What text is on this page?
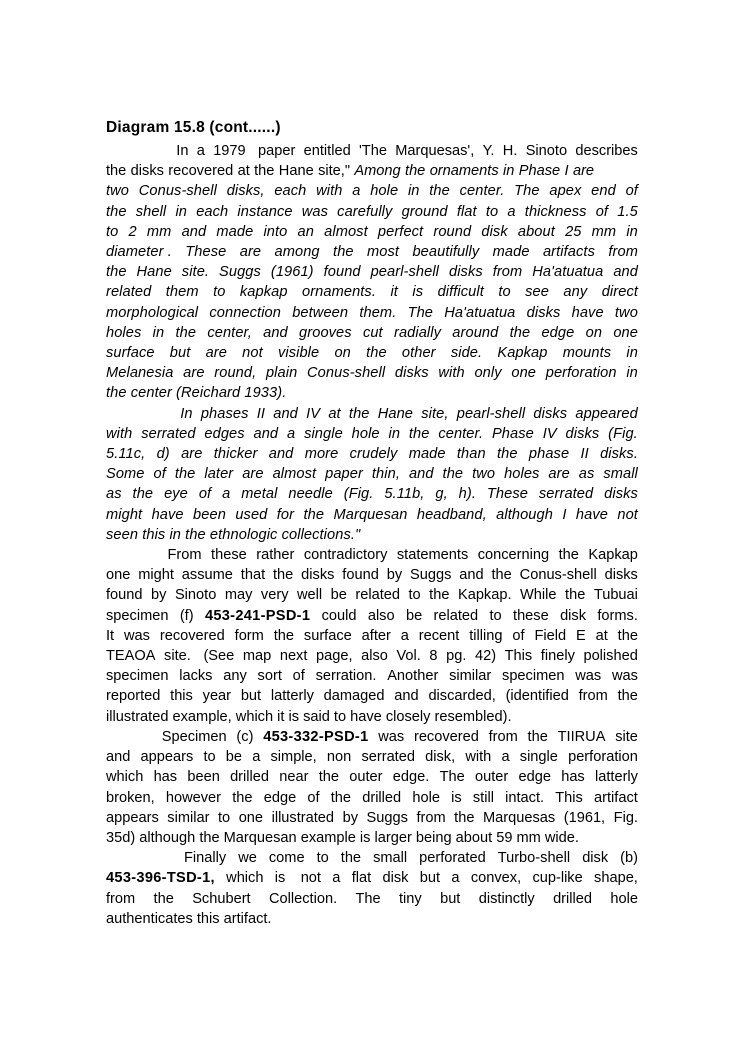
Diagram 15.8 (cont......)
In a 1979 paper entitled 'The Marquesas', Y. H. Sinoto describes
the disks recovered at the Hane site," Among the ornaments in Phase I are
two Conus-shell disks, each with a hole in the center. The apex end of
the shell in each instance was carefully ground flat to a thickness of 1.5
to 2 mm and made into an almost perfect round disk about 25 mm in
diameter . These are among the most beautifully made artifacts from
the Hane site. Suggs (1961) found pearl-shell disks from Ha'atuatua and
related them to kapkap ornaments. it is difficult to see any direct
morphological connection between them. The Ha'atuatua disks have two
holes in the center, and grooves cut radially around the edge on one
surface but are not visible on the other side. Kapkap mounts in
Melanesia are round, plain Conus-shell disks with only one perforation in
the center (Reichard 1933).
In phases II and IV at the Hane site, pearl-shell disks appeared
with serrated edges and a single hole in the center. Phase IV disks (Fig.
5.11c, d) are thicker and more crudely made than the phase II disks.
Some of the later are almost paper thin, and the two holes are as small
as the eye of a metal needle (Fig. 5.11b, g, h). These serrated disks
might have been used for the Marquesan headband, although I have not
seen this in the ethnologic collections."
From these rather contradictory statements concerning the Kapkap
one might assume that the disks found by Suggs and the Conus-shell disks
found by Sinoto may very well be related to the Kapkap. While the Tubuai
specimen (f) 453-241-PSD-1 could also be related to these disk forms.
It was recovered form the surface after a recent tilling of Field E at the
TEAOA site. (See map next page, also Vol. 8 pg. 42) This finely polished
specimen lacks any sort of serration. Another similar specimen was was
reported this year but latterly damaged and discarded, (identified from the
illustrated example, which it is said to have closely resembled).
Specimen (c) 453-332-PSD-1 was recovered from the TIIRUA site
and appears to be a simple, non serrated disk, with a single perforation
which has been drilled near the outer edge. The outer edge has latterly
broken, however the edge of the drilled hole is still intact. This artifact
appears similar to one illustrated by Suggs from the Marquesas (1961, Fig.
35d) although the Marquesan example is larger being about 59 mm wide.
Finally we come to the small perforated Turbo-shell disk (b)
453-396-TSD-1, which is not a flat disk but a convex, cup-like shape,
from the Schubert Collection. The tiny but distinctly drilled hole
authenticates this artifact.
